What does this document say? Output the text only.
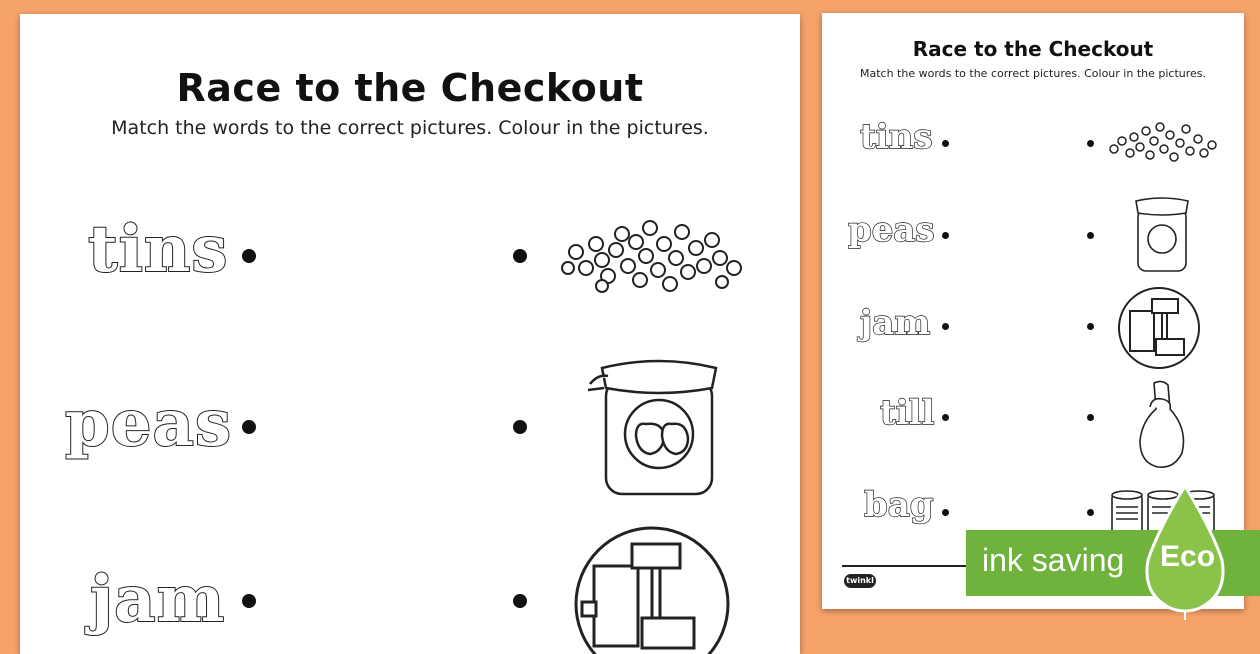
Race to the Checkout
Match the words to the correct pictures. Colour in the pictures.
tins
peas
jam
Race to the Checkout
Match the words to the correct pictures. Colour in the pictures.
tins
peas
jam
till
bag
twinkl
ink saving Eco
